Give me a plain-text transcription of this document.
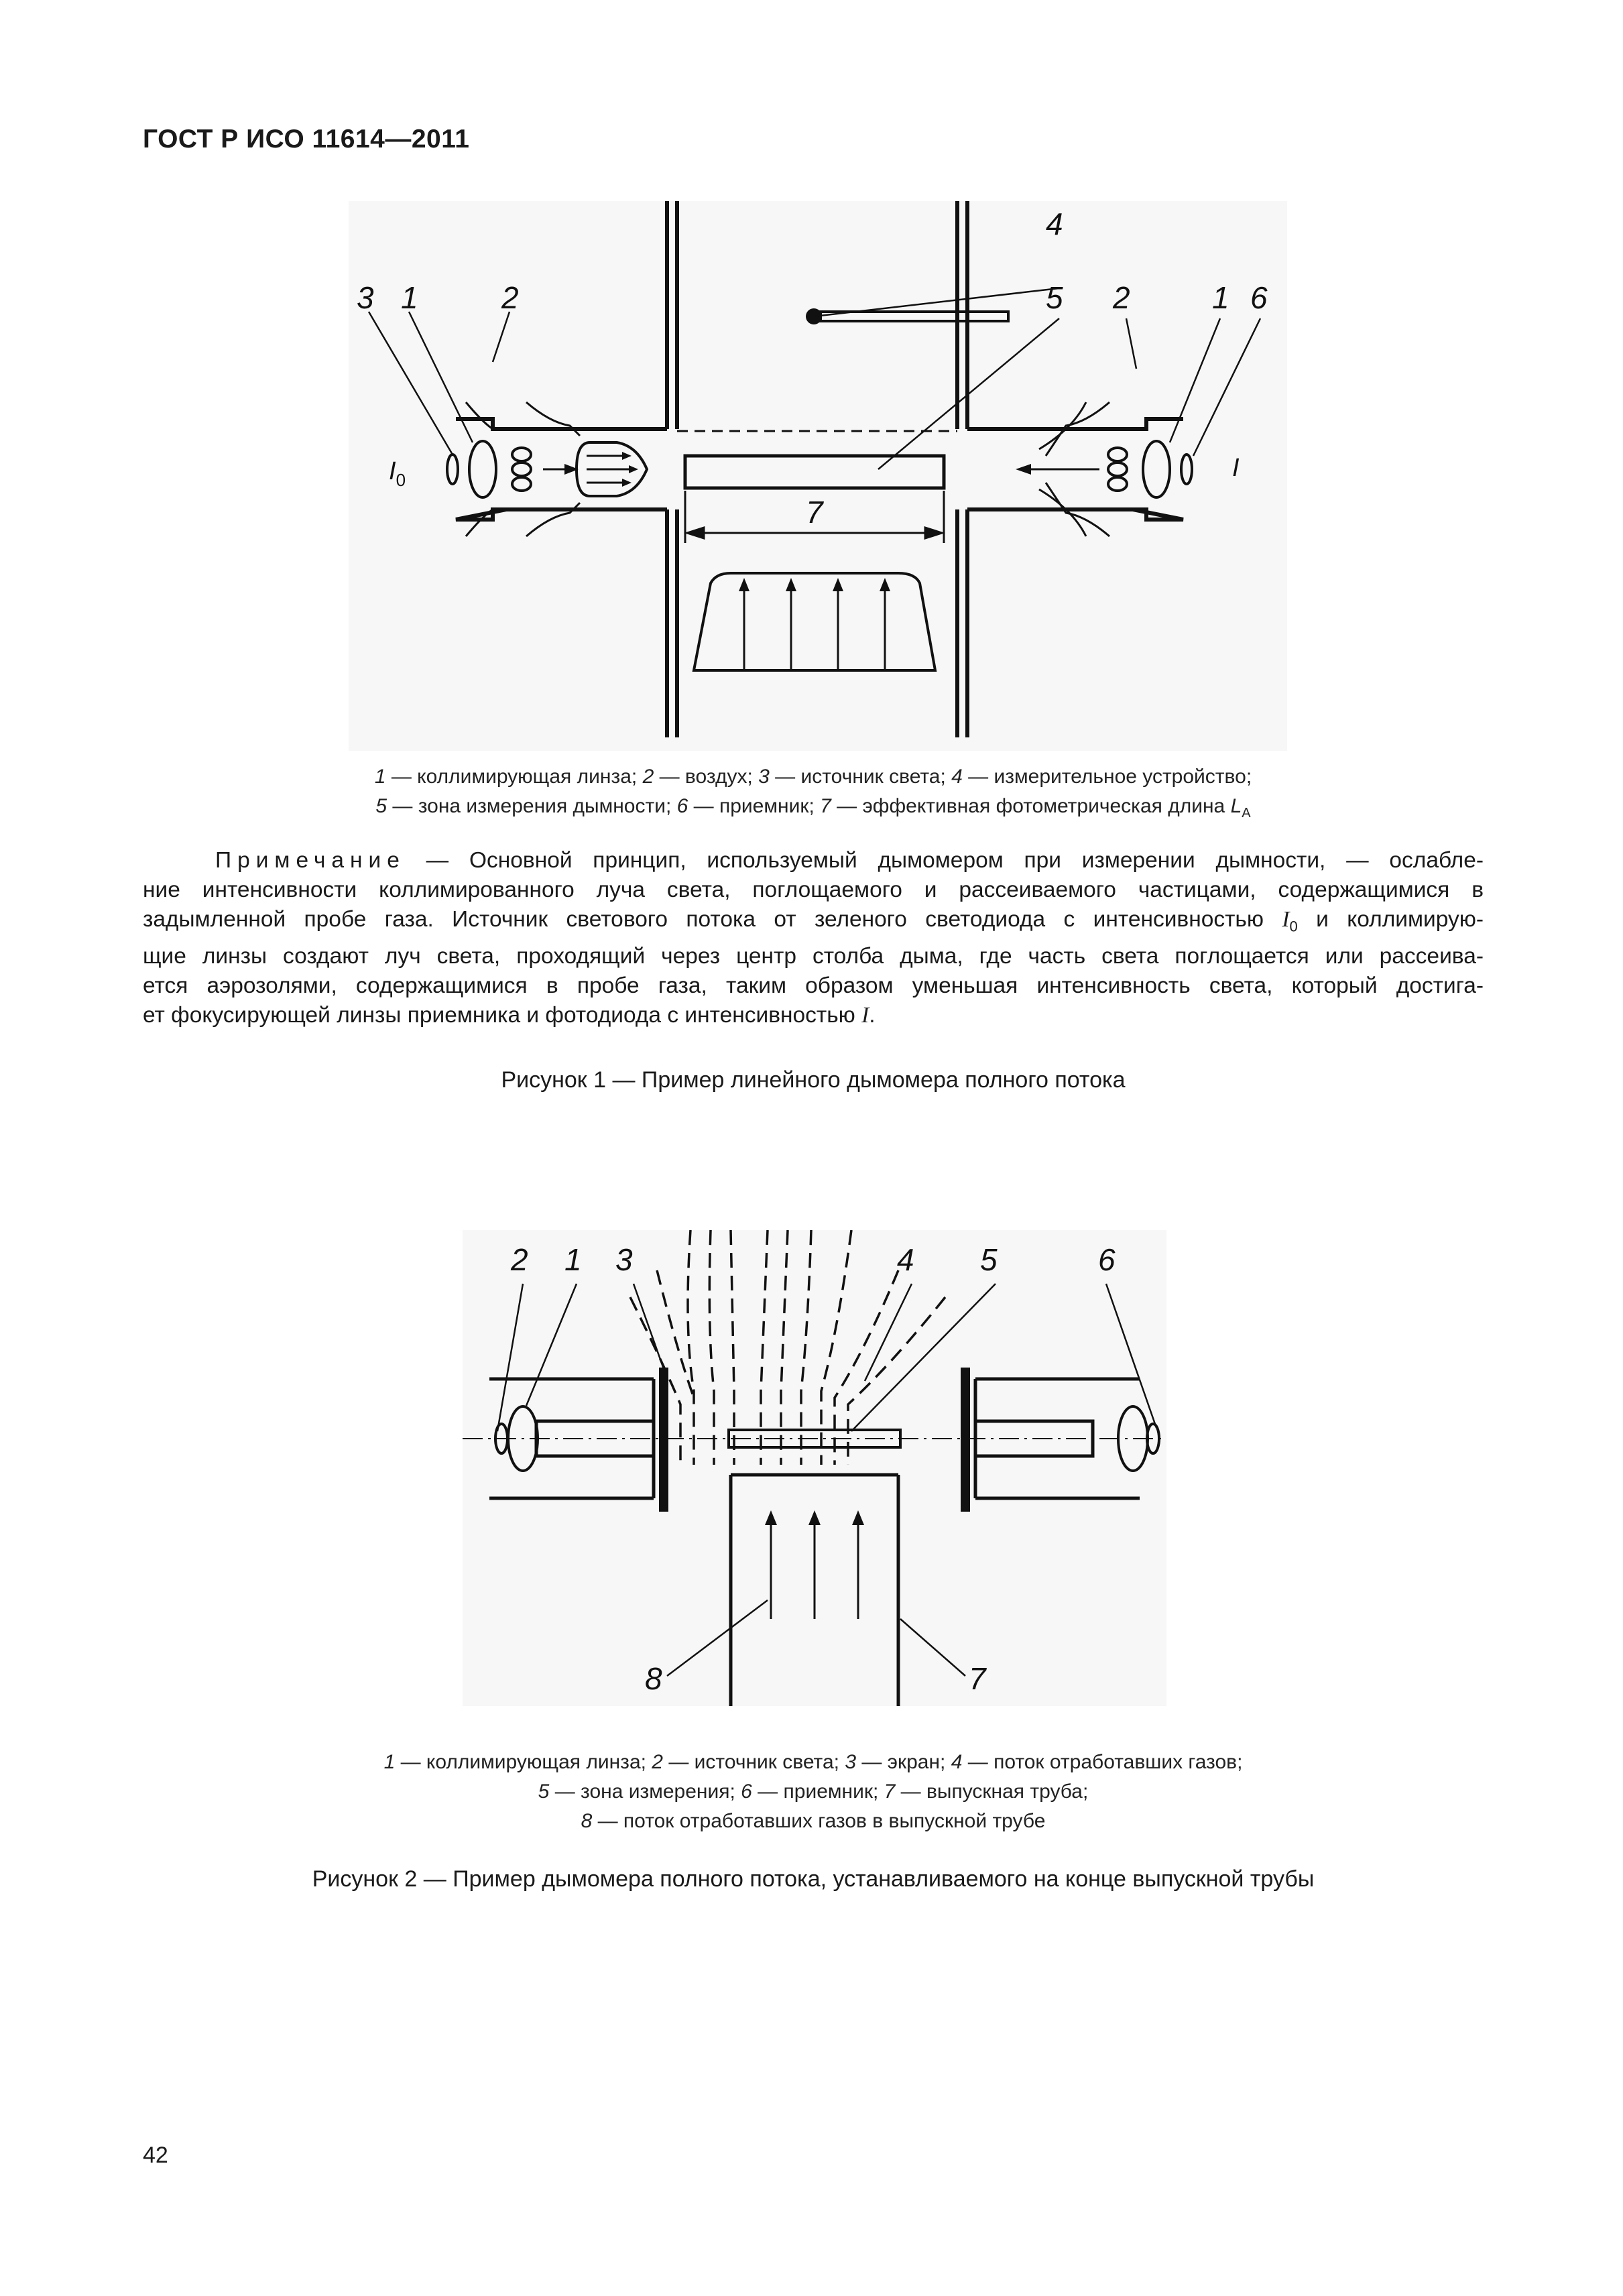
ГОСТ Р ИСО 11614—2011
3 1	2
4
5 2	1 6
7
$I_0$	I
1 — коллимирующая линза; 2 — воздух; 3 — источник света; 4 — измерительное устройство;
5 — зона измерения дымности; 6 — приемник; 7 — эффективная фотометрическая длина $L_A$
Примечание — Основной принцип, используемый дымомером при измерении дымности, — ослабле-
ние интенсивности коллимированного луча света, поглощаемого и рассеиваемого частицами, содержащимися в
задымленной пробе газа. Источник светового потока от зеленого светодиода с интенсивностью $I_0$ и коллимирую-
щие линзы создают луч света, проходящий через центр столба дыма, где часть света поглощается или рассеива-
ется аэрозолями, содержащимися в пробе газа, таким образом уменьшая интенсивность света, который достига-
ет фокусирующей линзы приемника и фотодиода с интенсивностью I.
Рисунок 1 — Пример линейного дымомера полного потока
2 1 3	4 5	6
8	7
1 — коллимирующая линза; 2 — источник света; 3 — экран; 4 — поток отработавших газов;
5 — зона измерения; 6 — приемник; 7 — выпускная труба;
8 — поток отработавших газов в выпускной трубе
Рисунок 2 — Пример дымомера полного потока, устанавливаемого на конце выпускной трубы
42
